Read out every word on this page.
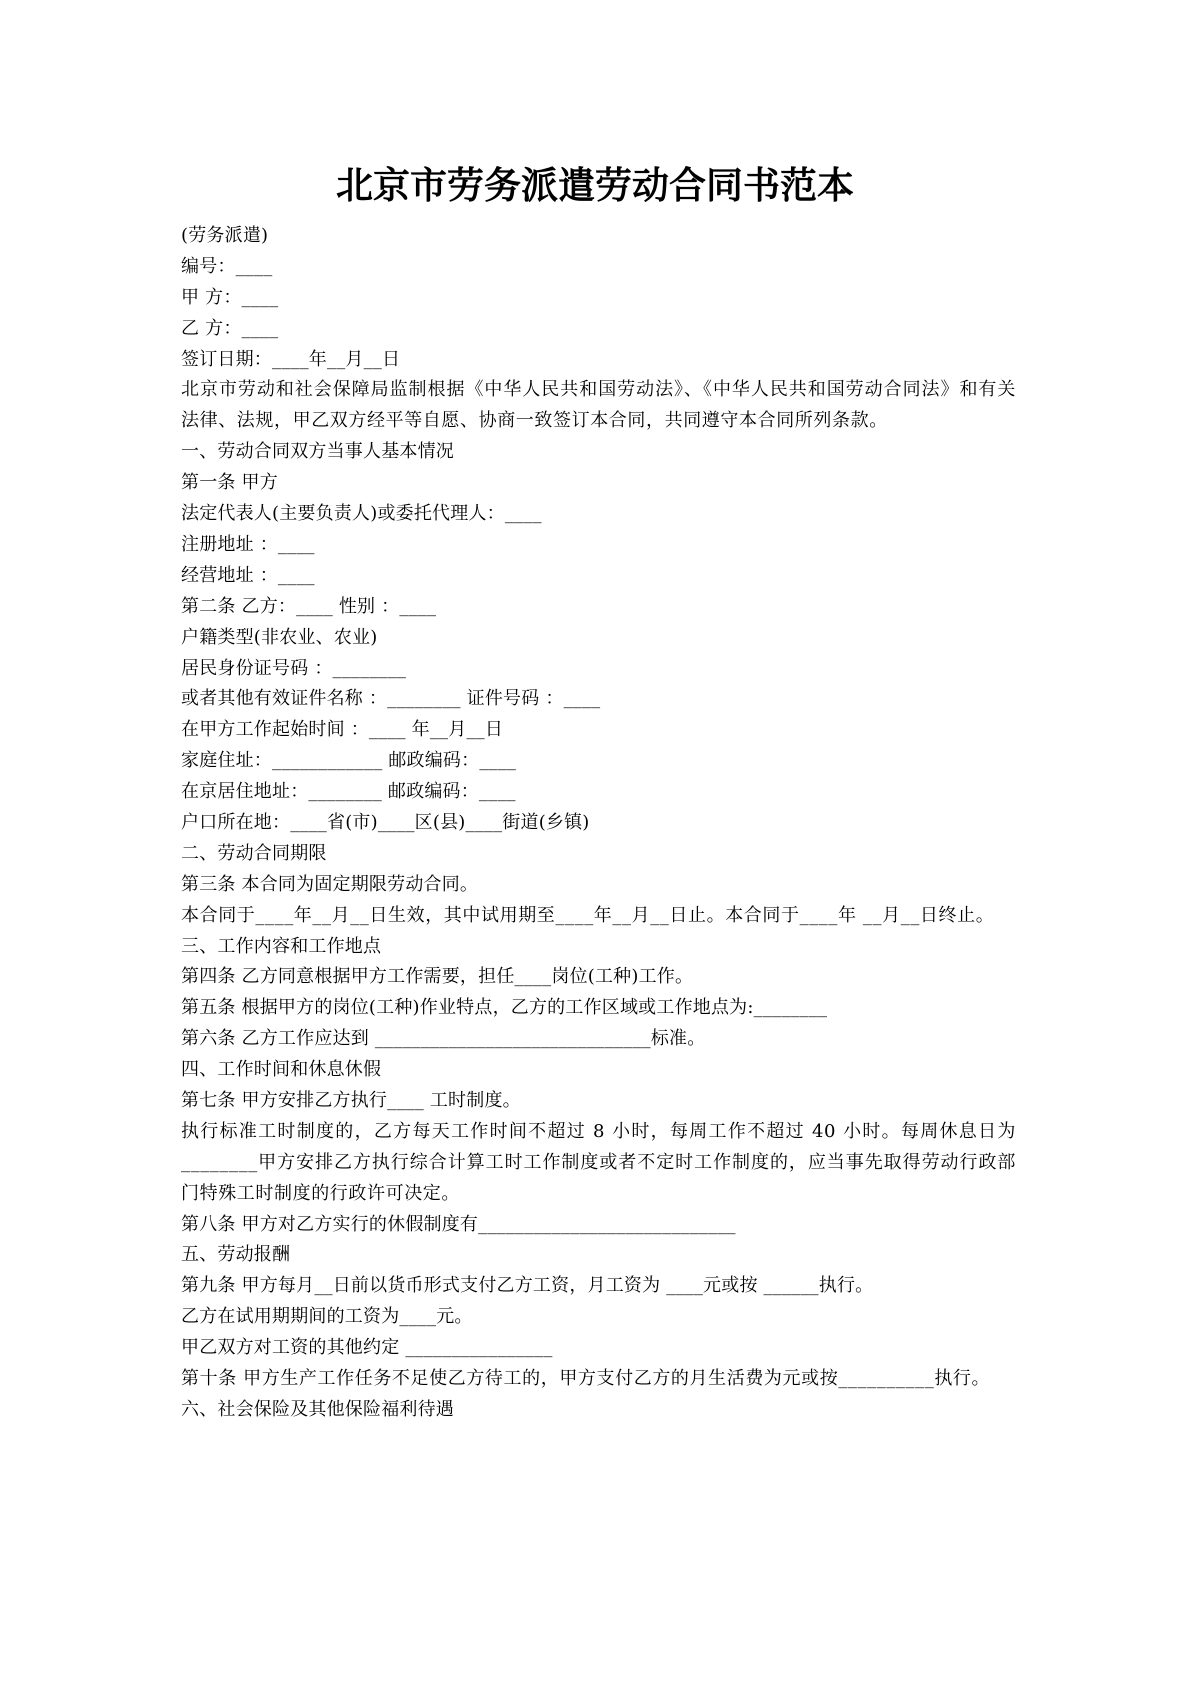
北京市劳务派遣劳动合同书范本
(劳务派遣)
编号：____
甲 方：____
乙 方：____
签订日期：____年__月__日
北京市劳动和社会保障局监制根据《中华人民共和国劳动法》、《中华人民共和国劳动合同法》和有关法律、法规，甲乙双方经平等自愿、协商一致签订本合同，共同遵守本合同所列条款。
一、劳动合同双方当事人基本情况
第一条 甲方
法定代表人(主要负责人)或委托代理人：____
注册地址 ：____
经营地址 ：____
第二条 乙方：____ 性别 ：____
户籍类型(非农业、农业)
居民身份证号码 ：________
或者其他有效证件名称 ：________ 证件号码 ：____
在甲方工作起始时间 ：____ 年__月__日
家庭住址：____________ 邮政编码：____
在京居住地址：________ 邮政编码：____
户口所在地：____省(市)____区(县)____街道(乡镇)
二、劳动合同期限
第三条 本合同为固定期限劳动合同。
本合同于____年__月__日生效，其中试用期至____年__月__日止。本合同于____年 __月__日终止。
三、工作内容和工作地点
第四条 乙方同意根据甲方工作需要，担任____岗位(工种)工作。
第五条 根据甲方的岗位(工种)作业特点，乙方的工作区域或工作地点为:________
第六条 乙方工作应达到 ______________________________标准。
四、工作时间和休息休假
第七条 甲方安排乙方执行____ 工时制度。
执行标准工时制度的，乙方每天工作时间不超过 8 小时，每周工作不超过 40 小时。每周休息日为 ________甲方安排乙方执行综合计算工时工作制度或者不定时工作制度的，应当事先取得劳动行政部门特殊工时制度的行政许可决定。
第八条 甲方对乙方实行的休假制度有____________________________
五、劳动报酬
第九条 甲方每月__日前以货币形式支付乙方工资，月工资为 ____元或按 ______执行。
乙方在试用期期间的工资为____元。
甲乙双方对工资的其他约定 ________________
第十条 甲方生产工作任务不足使乙方待工的，甲方支付乙方的月生活费为元或按__________执行。
六、社会保险及其他保险福利待遇
